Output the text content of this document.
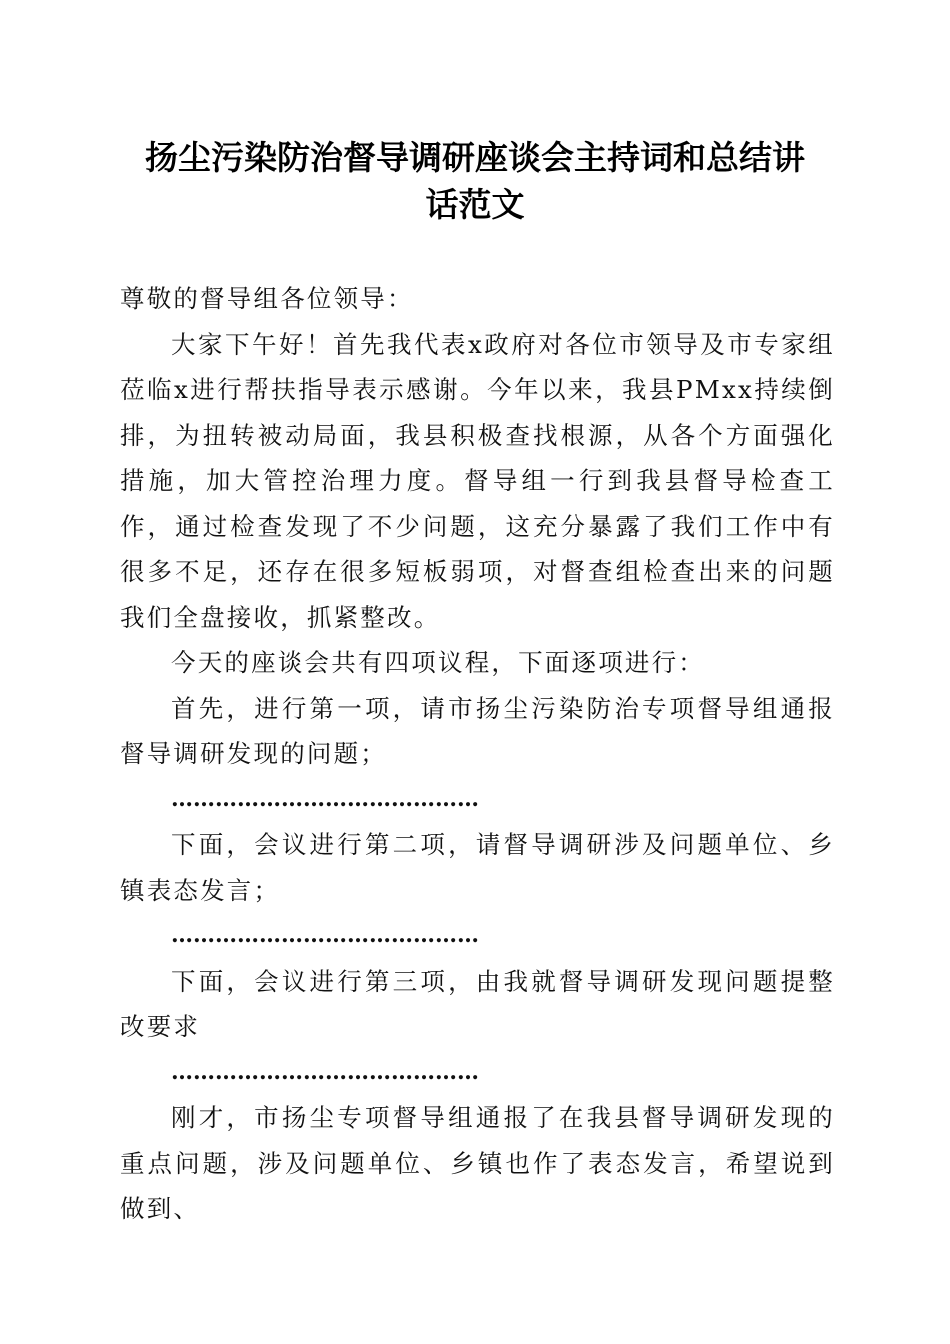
扬尘污染防治督导调研座谈会主持词和总结讲
话范文

尊敬的督导组各位领导：

大家下午好！首先我代表x政府对各位市领导及市专家组莅临x进行帮扶指导表示感谢。今年以来，我县PMxx持续倒排，为扭转被动局面，我县积极查找根源，从各个方面强化措施，加大管控治理力度。督导组一行到我县督导检查工作，通过检查发现了不少问题，这充分暴露了我们工作中有很多不足，还存在很多短板弱项，对督查组检查出来的问题我们全盘接收，抓紧整改。

今天的座谈会共有四项议程，下面逐项进行：

首先，进行第一项，请市扬尘污染防治专项督导组通报督导调研发现的问题；

……………………………………

下面，会议进行第二项，请督导调研涉及问题单位、乡镇表态发言；

……………………………………

下面，会议进行第三项，由我就督导调研发现问题提整改要求

……………………………………

刚才，市扬尘专项督导组通报了在我县督导调研发现的重点问题，涉及问题单位、乡镇也作了表态发言，希望说到做到、
